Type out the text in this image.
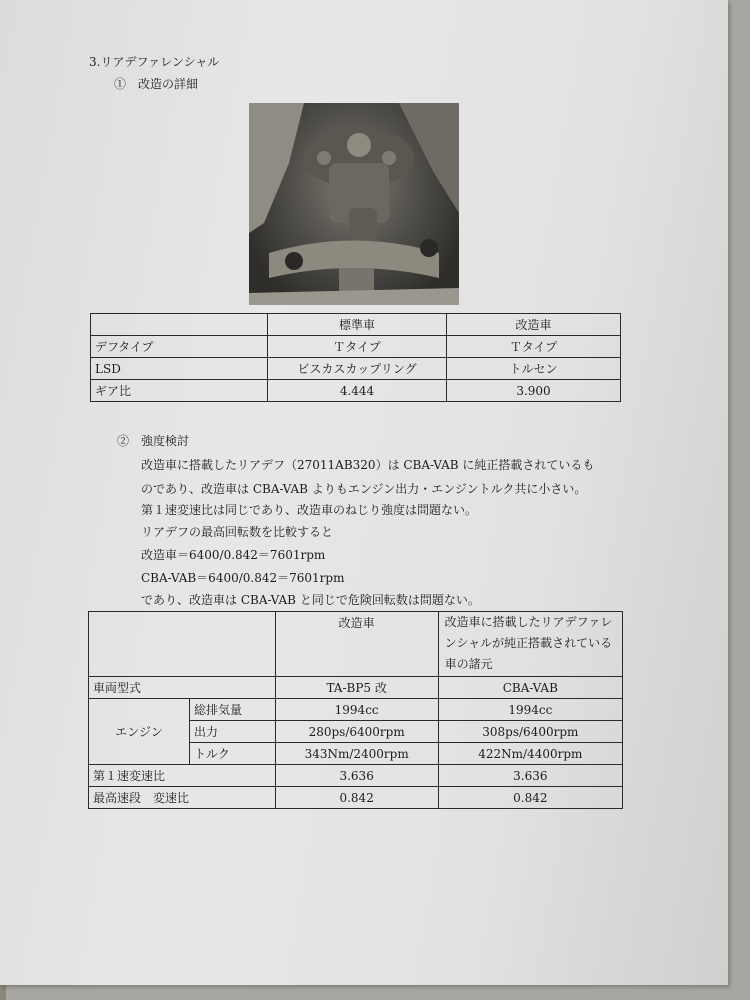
3.リアデファレンシャル
①　改造の詳細
	標準車	改造車
デフタイプ	Ｔタイプ	Ｔタイプ
LSD	ビスカスカップリング	トルセン
ギア比	4.444	3.900
②　強度検討
改造車に搭載したリアデフ（27011AB320）は CBA-VAB に純正搭載されているも
のであり、改造車は CBA-VAB よりもエンジン出力・エンジントルク共に小さい。
第１速変速比は同じであり、改造車のねじり強度は問題ない。
リアデフの最高回転数を比較すると
改造車＝6400/0.842＝7601rpm
CBA-VAB＝6400/0.842＝7601rpm
であり、改造車は CBA-VAB と同じで危険回転数は問題ない。
		改造車	改造車に搭載したリアデファレ
ンシャルが純正搭載されている
車の諸元
車両型式		TA-BP5 改	CBA-VAB
エンジン	総排気量	1994cc	1994cc
	出力	280ps/6400rpm	308ps/6400rpm
	トルク	343Nm/2400rpm	422Nm/4400rpm
第１速変速比		3.636	3.636
最高速段　変速比		0.842	0.842
